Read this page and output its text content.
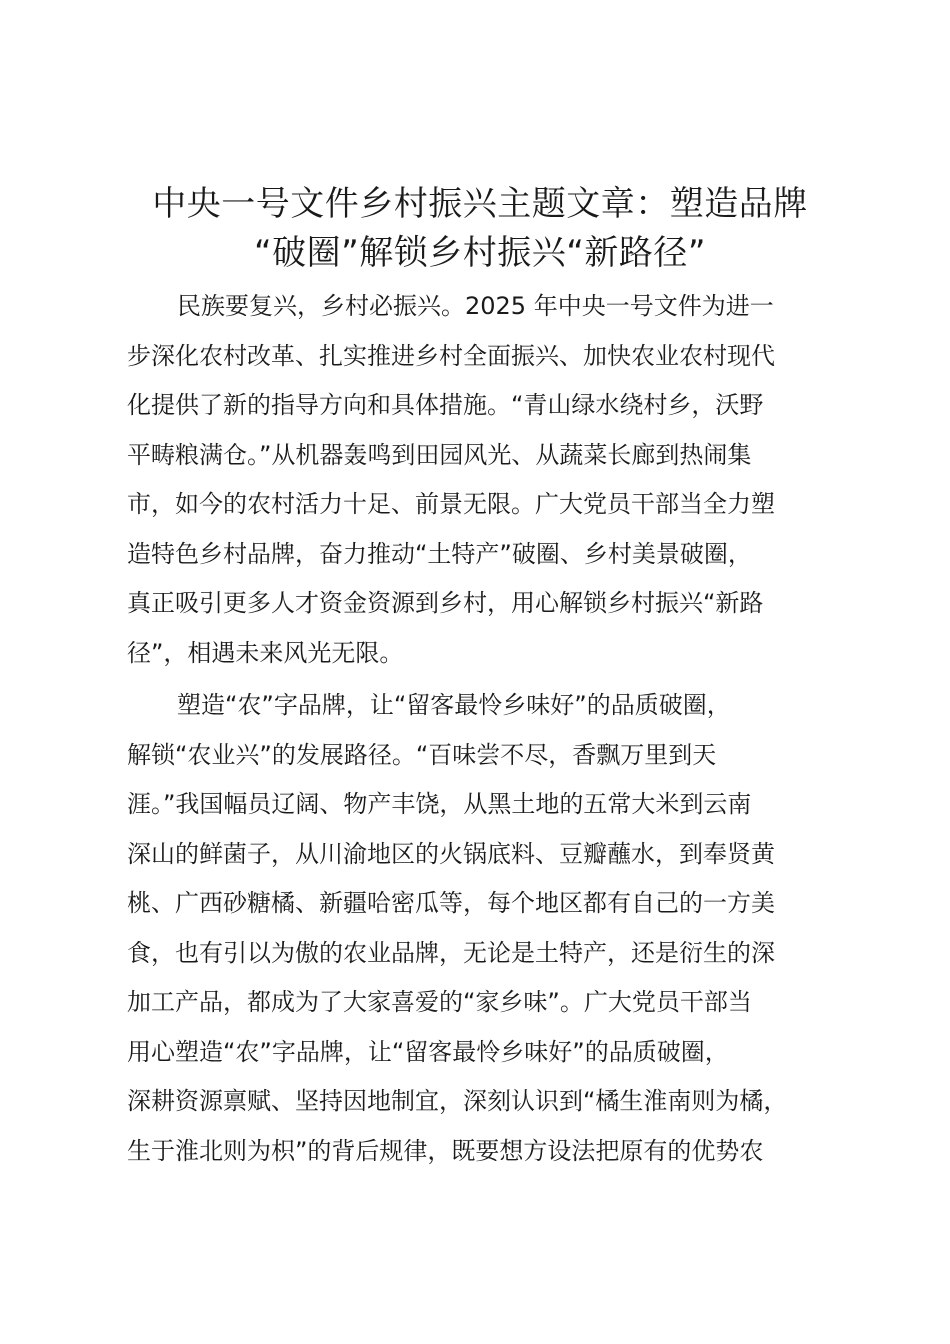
中央一号文件乡村振兴主题文章：塑造品牌
“破圈”解锁乡村振兴“新路径”
民族要复兴，乡村必振兴。2025 年中央一号文件为进一
步深化农村改革、扎实推进乡村全面振兴、加快农业农村现代
化提供了新的指导方向和具体措施。“青山绿水绕村乡，沃野
平畴粮满仓。”从机器轰鸣到田园风光、从蔬菜长廊到热闹集
市，如今的农村活力十足、前景无限。广大党员干部当全力塑
造特色乡村品牌，奋力推动“土特产”破圈、乡村美景破圈，
真正吸引更多人才资金资源到乡村，用心解锁乡村振兴“新路
径”，相遇未来风光无限。
塑造“农”字品牌，让“留客最怜乡味好”的品质破圈，
解锁“农业兴”的发展路径。“百味尝不尽，香飘万里到天
涯。”我国幅员辽阔、物产丰饶，从黑土地的五常大米到云南
深山的鲜菌子，从川渝地区的火锅底料、豆瓣蘸水，到奉贤黄
桃、广西砂糖橘、新疆哈密瓜等，每个地区都有自己的一方美
食，也有引以为傲的农业品牌，无论是土特产，还是衍生的深
加工产品，都成为了大家喜爱的“家乡味”。广大党员干部当
用心塑造“农”字品牌，让“留客最怜乡味好”的品质破圈，
深耕资源禀赋、坚持因地制宜，深刻认识到“橘生淮南则为橘，
生于淮北则为枳”的背后规律，既要想方设法把原有的优势农
